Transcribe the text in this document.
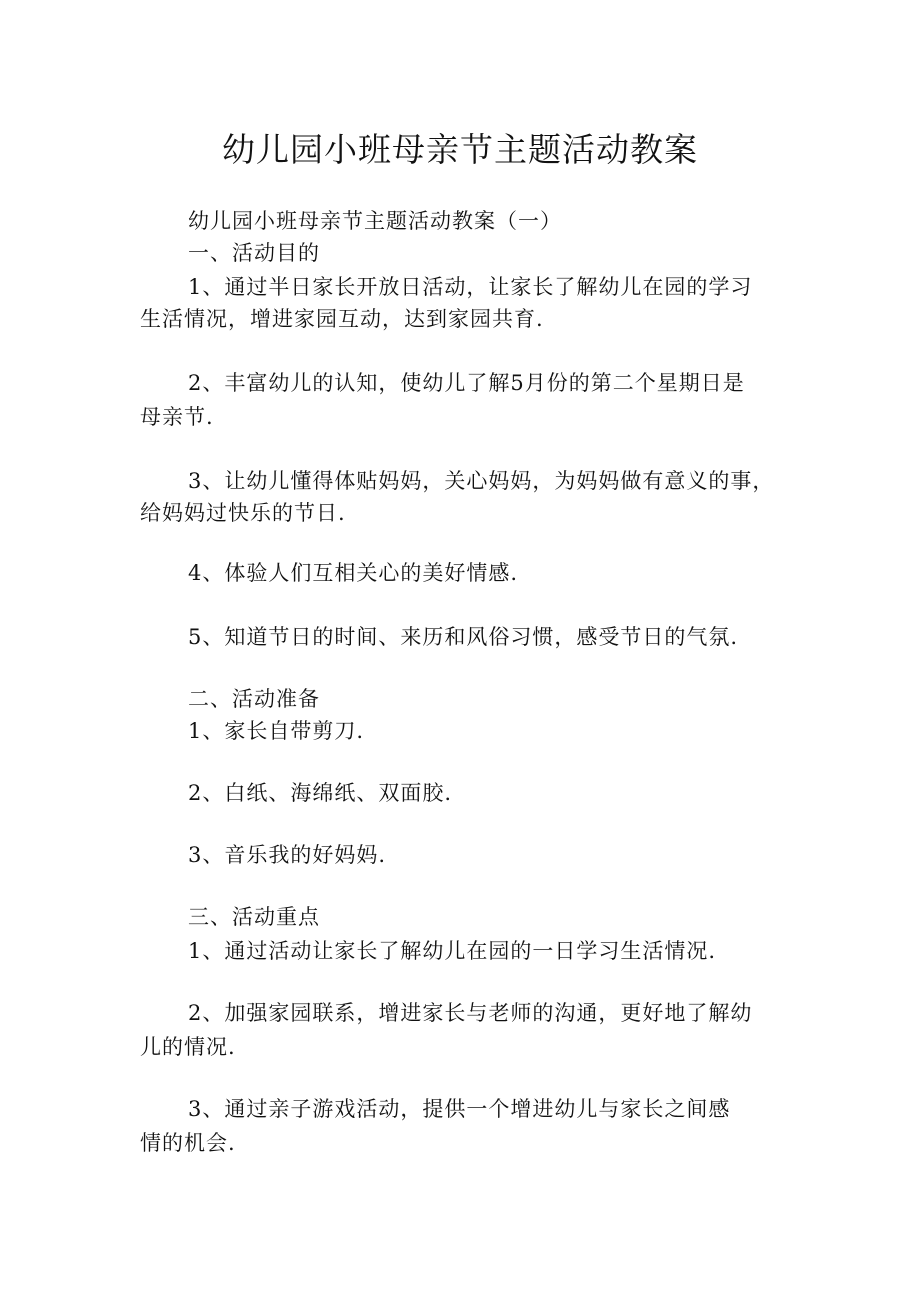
幼儿园小班母亲节主题活动教案

幼儿园小班母亲节主题活动教案（一）

一、活动目的

1、通过半日家长开放日活动，让家长了解幼儿在园的学习

生活情况，增进家园互动，达到家园共育.

2、丰富幼儿的认知，使幼儿了解5月份的第二个星期日是

母亲节.

3、让幼儿懂得体贴妈妈，关心妈妈，为妈妈做有意义的事，

给妈妈过快乐的节日.

4、体验人们互相关心的美好情感.

5、知道节日的时间、来历和风俗习惯，感受节日的气氛.

二、活动准备

1、家长自带剪刀.

2、白纸、海绵纸、双面胶.

3、音乐我的好妈妈.

三、活动重点

1、通过活动让家长了解幼儿在园的一日学习生活情况.

2、加强家园联系，增进家长与老师的沟通，更好地了解幼

儿的情况.

3、通过亲子游戏活动，提供一个增进幼儿与家长之间感

情的机会.
